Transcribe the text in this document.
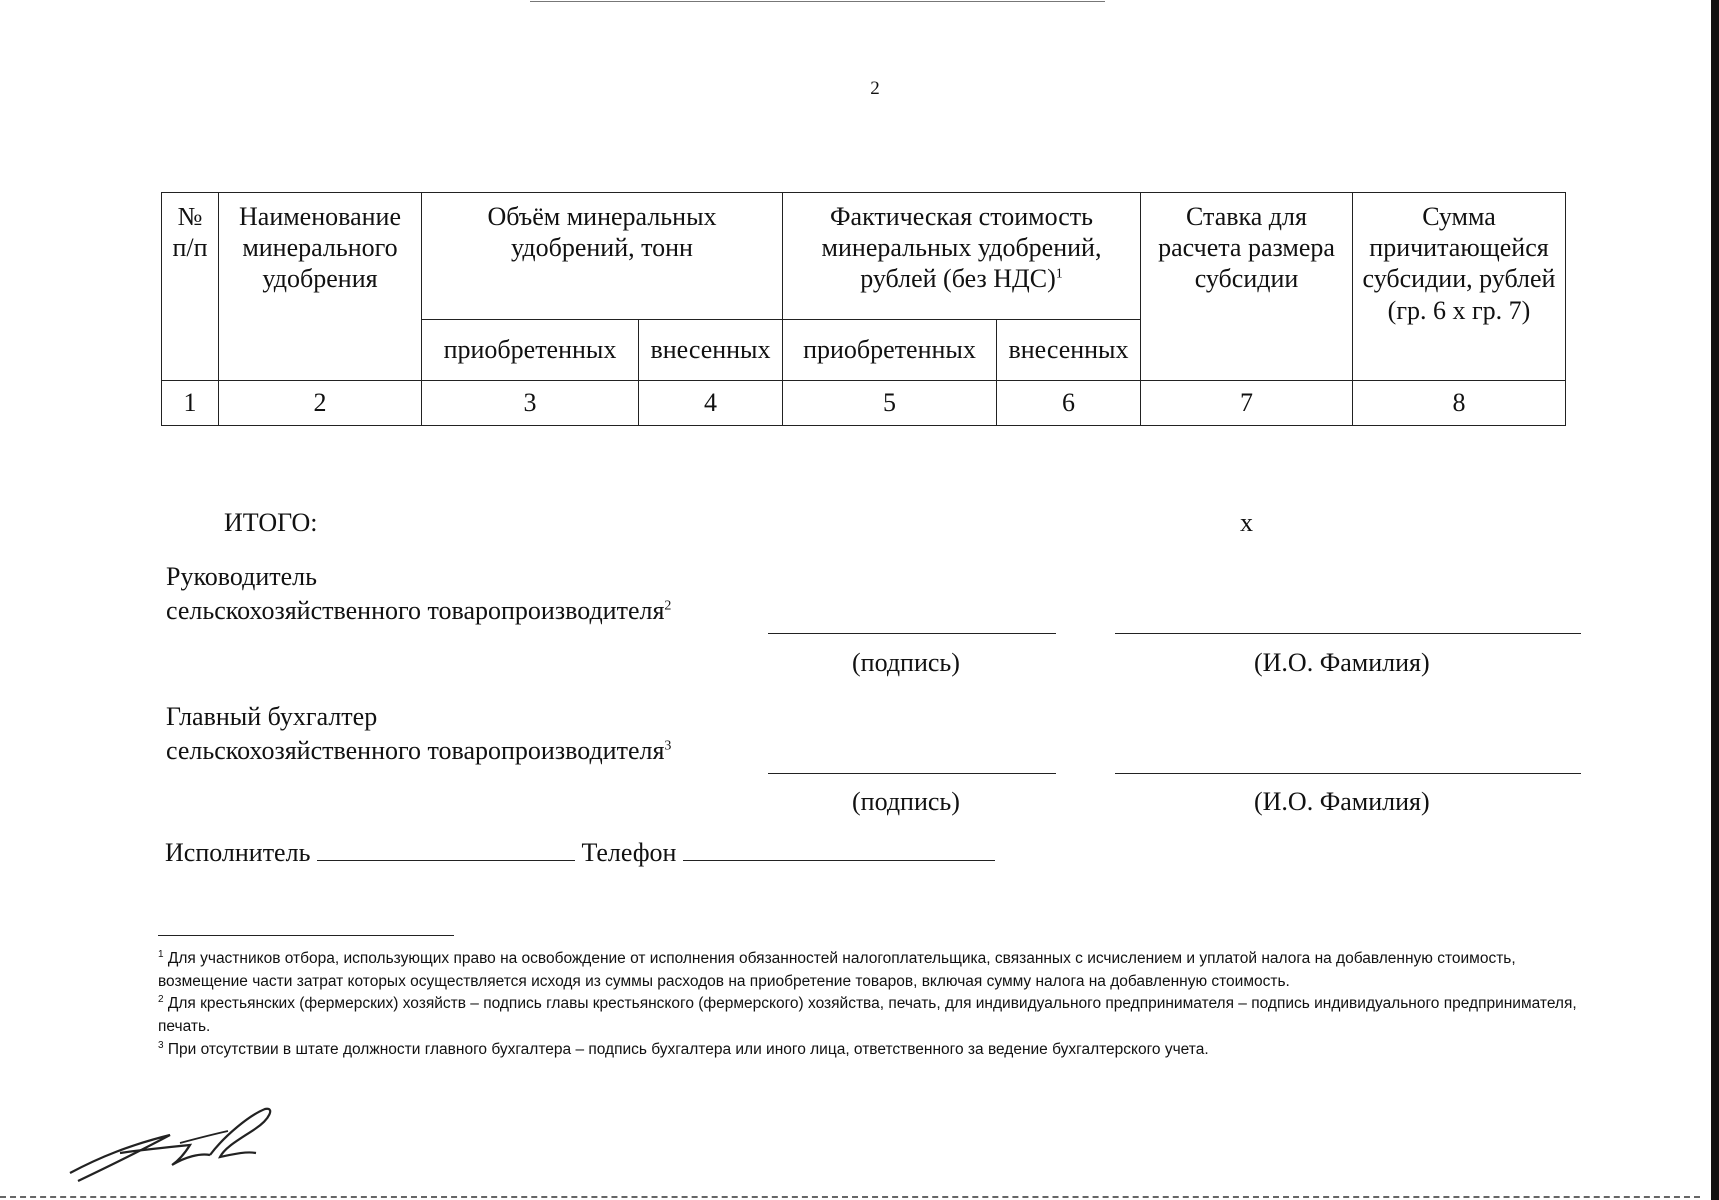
2
№ п/п	Наименование минерального удобрения	Объём минеральных удобрений, тонн		Фактическая стоимость минеральных удобрений, рублей (без НДС)$^1$		Ставка для расчета размера субсидии	Сумма причитающейся субсидии, рублей (гр. 6 х гр. 7)
		приобретенных	внесенных	приобретенных	внесенных		
1	2	3	4	5	6	7	8
ИТОГО:	х
Руководитель
сельскохозяйственного товаропроизводителя$^2$
(подпись)	(И.О. Фамилия)
Главный бухгалтер
сельскохозяйственного товаропроизводителя$^3$
(подпись)	(И.О. Фамилия)
Исполнитель	Телефон

$^1$ Для участников отбора, использующих право на освобождение от исполнения обязанностей налогоплательщика, связанных с исчислением и уплатой налога на добавленную стоимость, возмещение части затрат которых осуществляется исходя из суммы расходов на приобретение товаров, включая сумму налога на добавленную стоимость.

$^2$ Для крестьянских (фермерских) хозяйств – подпись главы крестьянского (фермерского) хозяйства, печать, для индивидуального предпринимателя – подпись индивидуального предпринимателя, печать.

$^3$ При отсутствии в штате должности главного бухгалтера – подпись бухгалтера или иного лица, ответственного за ведение бухгалтерского учета.
